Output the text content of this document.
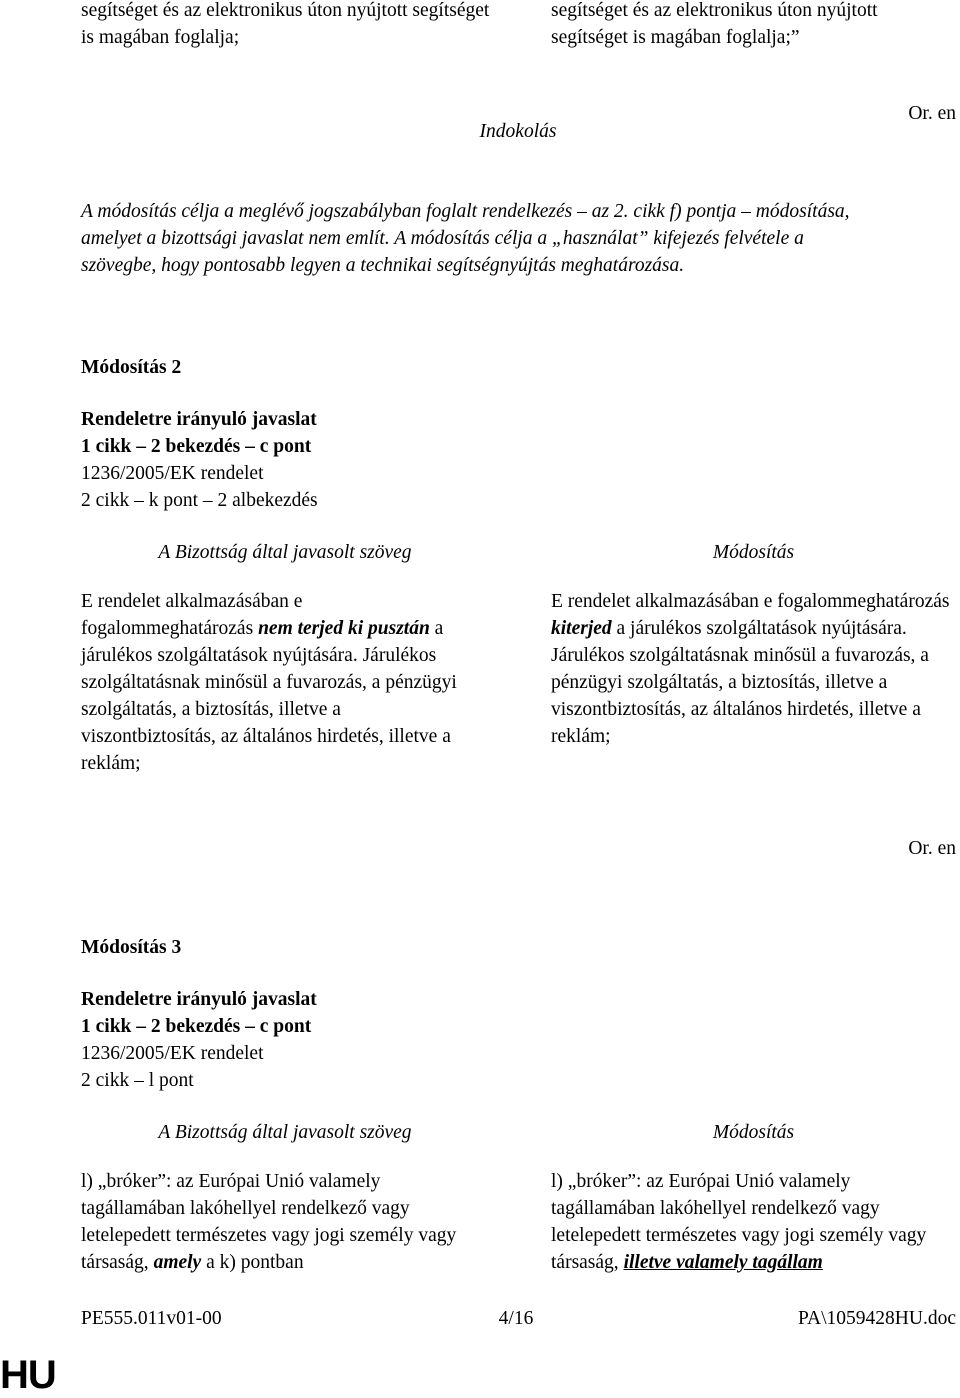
segítséget és az elektronikus úton nyújtott segítséget is magában foglalja;

segítséget és az elektronikus úton nyújtott segítséget is magában foglalja;”

Or. en
Indokolás

A módosítás célja a meglévő jogszabályban foglalt rendelkezés – az 2. cikk f) pontja – módosítása, amelyet a bizottsági javaslat nem említ. A módosítás célja a „használat” kifejezés felvétele a szövegbe, hogy pontosabb legyen a technikai segítségnyújtás meghatározása.

Módosítás 2
Rendeletre irányuló javaslat
1 cikk – 2 bekezdés – c pont
1236/2005/EK rendelet
2 cikk – k pont – 2 albekezdés
A Bizottság által javasolt szöveg	Módosítás

E rendelet alkalmazásában e fogalommeghatározás nem terjed ki pusztán a járulékos szolgáltatások nyújtására. Járulékos szolgáltatásnak minősül a fuvarozás, a pénzügyi szolgáltatás, a biztosítás, illetve a viszontbiztosítás, az általános hirdetés, illetve a reklám;

E rendelet alkalmazásában e fogalommeghatározás kiterjed a járulékos szolgáltatások nyújtására. Járulékos szolgáltatásnak minősül a fuvarozás, a pénzügyi szolgáltatás, a biztosítás, illetve a viszontbiztosítás, az általános hirdetés, illetve a reklám;

Or. en
Módosítás 3
Rendeletre irányuló javaslat
1 cikk – 2 bekezdés – c pont
1236/2005/EK rendelet
2 cikk – l pont
A Bizottság által javasolt szöveg	Módosítás

l) „bróker”: az Európai Unió valamely tagállamában lakóhellyel rendelkező vagy letelepedett természetes vagy jogi személy vagy társaság, amely a k) pontban

l) „bróker”: az Európai Unió valamely tagállamában lakóhellyel rendelkező vagy letelepedett természetes vagy jogi személy vagy társaság, illetve valamely tagállam

PE555.011v01-00	4/16	PA\1059428HU.doc
HU
